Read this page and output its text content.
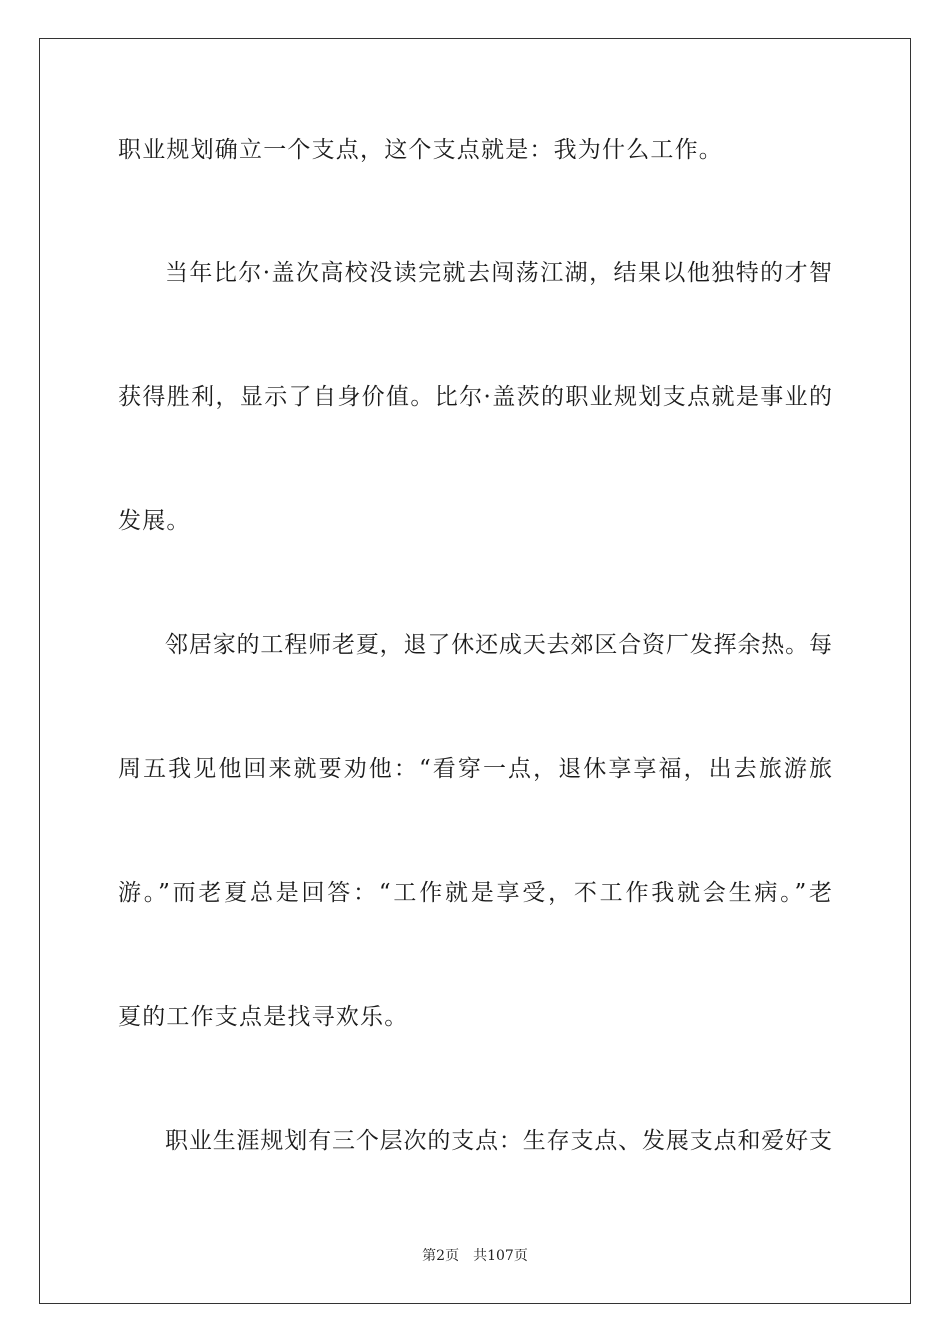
职业规划确立一个支点，这个支点就是：我为什么工作。
当年比尔·盖次高校没读完就去闯荡江湖，结果以他独特的才智
获得胜利，显示了自身价值。比尔·盖茨的职业规划支点就是事业的
发展。
邻居家的工程师老夏，退了休还成天去郊区合资厂发挥余热。每
周五我见他回来就要劝他：“看穿一点，退休享享福，出去旅游旅
游。”而老夏总是回答：“工作就是享受，不工作我就会生病。”老
夏的工作支点是找寻欢乐。
职业生涯规划有三个层次的支点：生存支点、发展支点和爱好支
第2页 共107页
